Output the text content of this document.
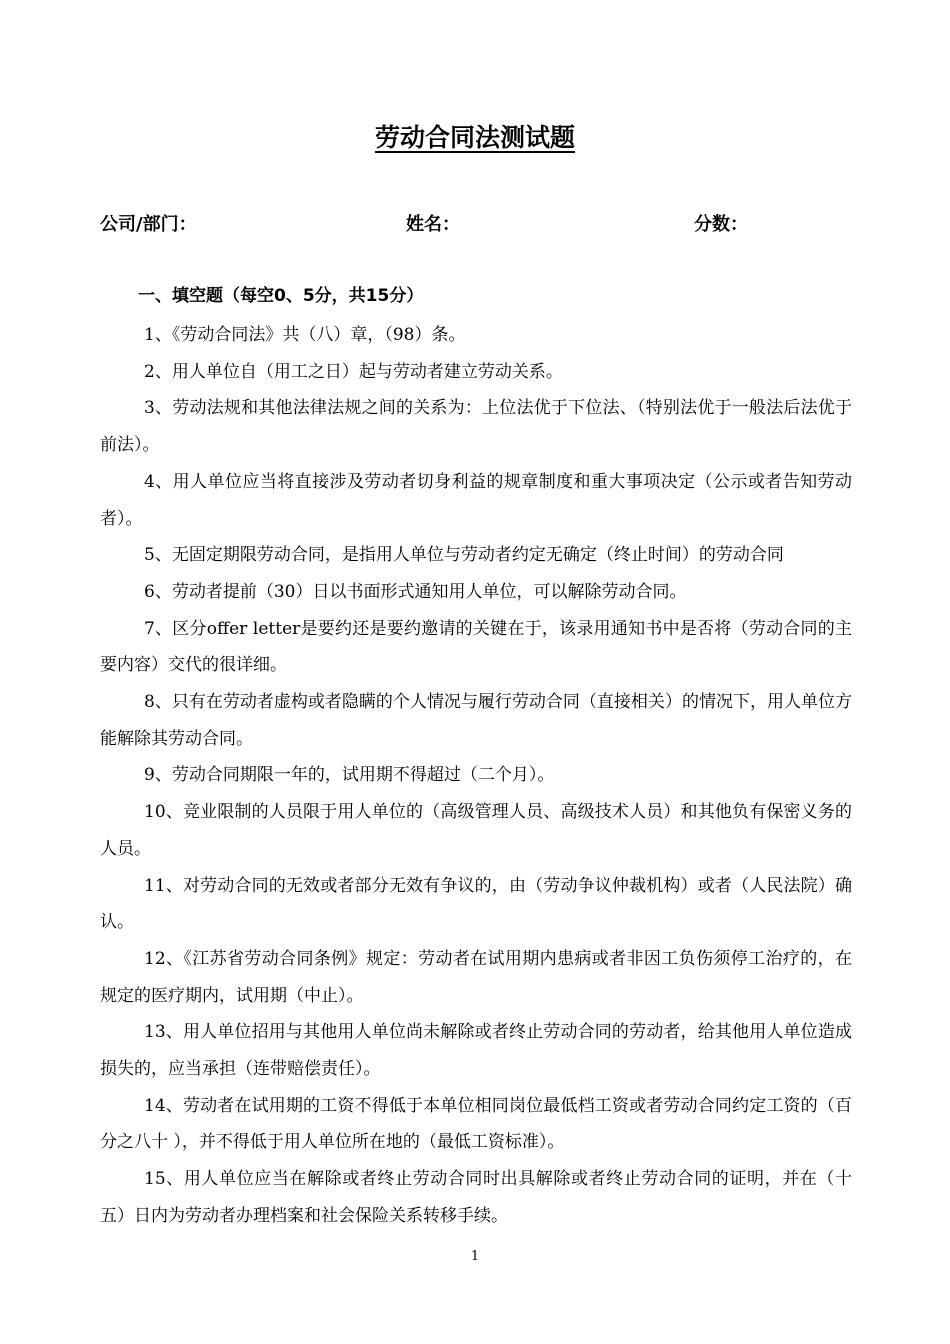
劳动合同法测试题
公司/部门：	姓名：	分数：
一、填空题（每空0、5分，共15分）

1、《劳动合同法》共（八）章，（98）条。

2、用人单位自（用工之日）起与劳动者建立劳动关系。

3、劳动法规和其他法律法规之间的关系为：上位法优于下位法、（特别法优于一般法后法优于前法）。

4、用人单位应当将直接涉及劳动者切身利益的规章制度和重大事项决定（公示或者告知劳动者）。

5、无固定期限劳动合同，是指用人单位与劳动者约定无确定（终止时间）的劳动合同

6、劳动者提前（30）日以书面形式通知用人单位，可以解除劳动合同。

7、区分offer letter是要约还是要约邀请的关键在于，该录用通知书中是否将（劳动合同的主要内容）交代的很详细。

8、只有在劳动者虚构或者隐瞒的个人情况与履行劳动合同（直接相关）的情况下，用人单位方能解除其劳动合同。

9、劳动合同期限一年的，试用期不得超过（二个月）。

10、竞业限制的人员限于用人单位的（高级管理人员、高级技术人员）和其他负有保密义务的人员。

11、对劳动合同的无效或者部分无效有争议的，由（劳动争议仲裁机构）或者（人民法院）确认。

12、《江苏省劳动合同条例》规定：劳动者在试用期内患病或者非因工负伤须停工治疗的，在规定的医疗期内，试用期（中止）。

13、用人单位招用与其他用人单位尚未解除或者终止劳动合同的劳动者，给其他用人单位造成损失的，应当承担（连带赔偿责任）。

14、劳动者在试用期的工资不得低于本单位相同岗位最低档工资或者劳动合同约定工资的（百分之八十 ），并不得低于用人单位所在地的（最低工资标准）。

15、用人单位应当在解除或者终止劳动合同时出具解除或者终止劳动合同的证明，并在（十五）日内为劳动者办理档案和社会保险关系转移手续。

1
